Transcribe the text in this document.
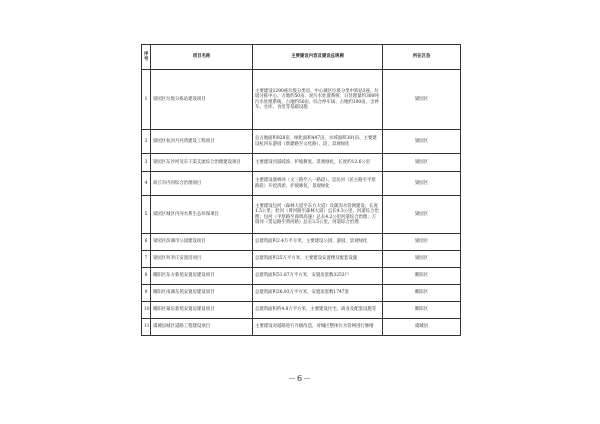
序号	项目名称	主要建设内容及建设总规模	所在区县
1	梁园区垃圾分拣站建设项目	主要建设1290座垃圾分类房、中心城区垃圾分类中转站3座、垃圾分拣中心、占地约50亩、泥污水处置系统：日处理量约300吨污水处理系统，占地约50亩、综合停车场、占地约100亩，含停车、仓库、食堂等基础设施	梁园区
2	梁园区杭河月亮湾建设工程项目	总占地面积828亩，绿化面积447亩，水域面积381亩、主要建设杭河东游园（新建路至文化路）、段，景观绿化	梁园区
3	梁园区东沙河及东干渠支流综合治理建设项目	主要建设河道疏浚、护坡修复、景观绿化，长度约12.6公里	梁园区
4	商丘市内河综合治理项目	主要建设康林河（文三路至八一路段）、忠民河（民主路至平原路段）开挖清淤、护坡修复，景观绿化	梁园区
5	梁园区城区内河水系生态环保项目	主要建设包河（森林大道至东方大道）及陇沟水管网建设，长度1.5公里；杜河（黄河路至森林大道）总长4.3公里，河道综合治理；包河（平原路至商周高速）总长4.2公里河道综合治理；万瑞河（货运路至黄河路）总长3.5公里，河道综合治理	梁园区
6	梁园区滨湖市公园建设项目	总建筑面积2.4万平方米，主要建设公园、游园，景观绿化	梁园区
7	梁园区何李庄安置房项目	总建筑面积25万平方米，主要建设安置楼及配套设施	梁园区
8	睢阳区东方新苑安置房建设项目	总建筑面积51.87万平方米，安置房套数3253户	睢阳区
9	睢阳区南湖东苑安置房建设项目	总建筑面积26.93万平方米，安置房套数1747套	睢阳区
10	睢阳区蒙乐新苑安置房建设项目	总建筑面积约4.8万平方米，主要建设住宅、商业及配套设施等	睢阳区
11	虞城县城区道路工程建设项目	主要建设对道路进行升级改造，对城区整体污水管网进行修缮	虞城县
－6－
